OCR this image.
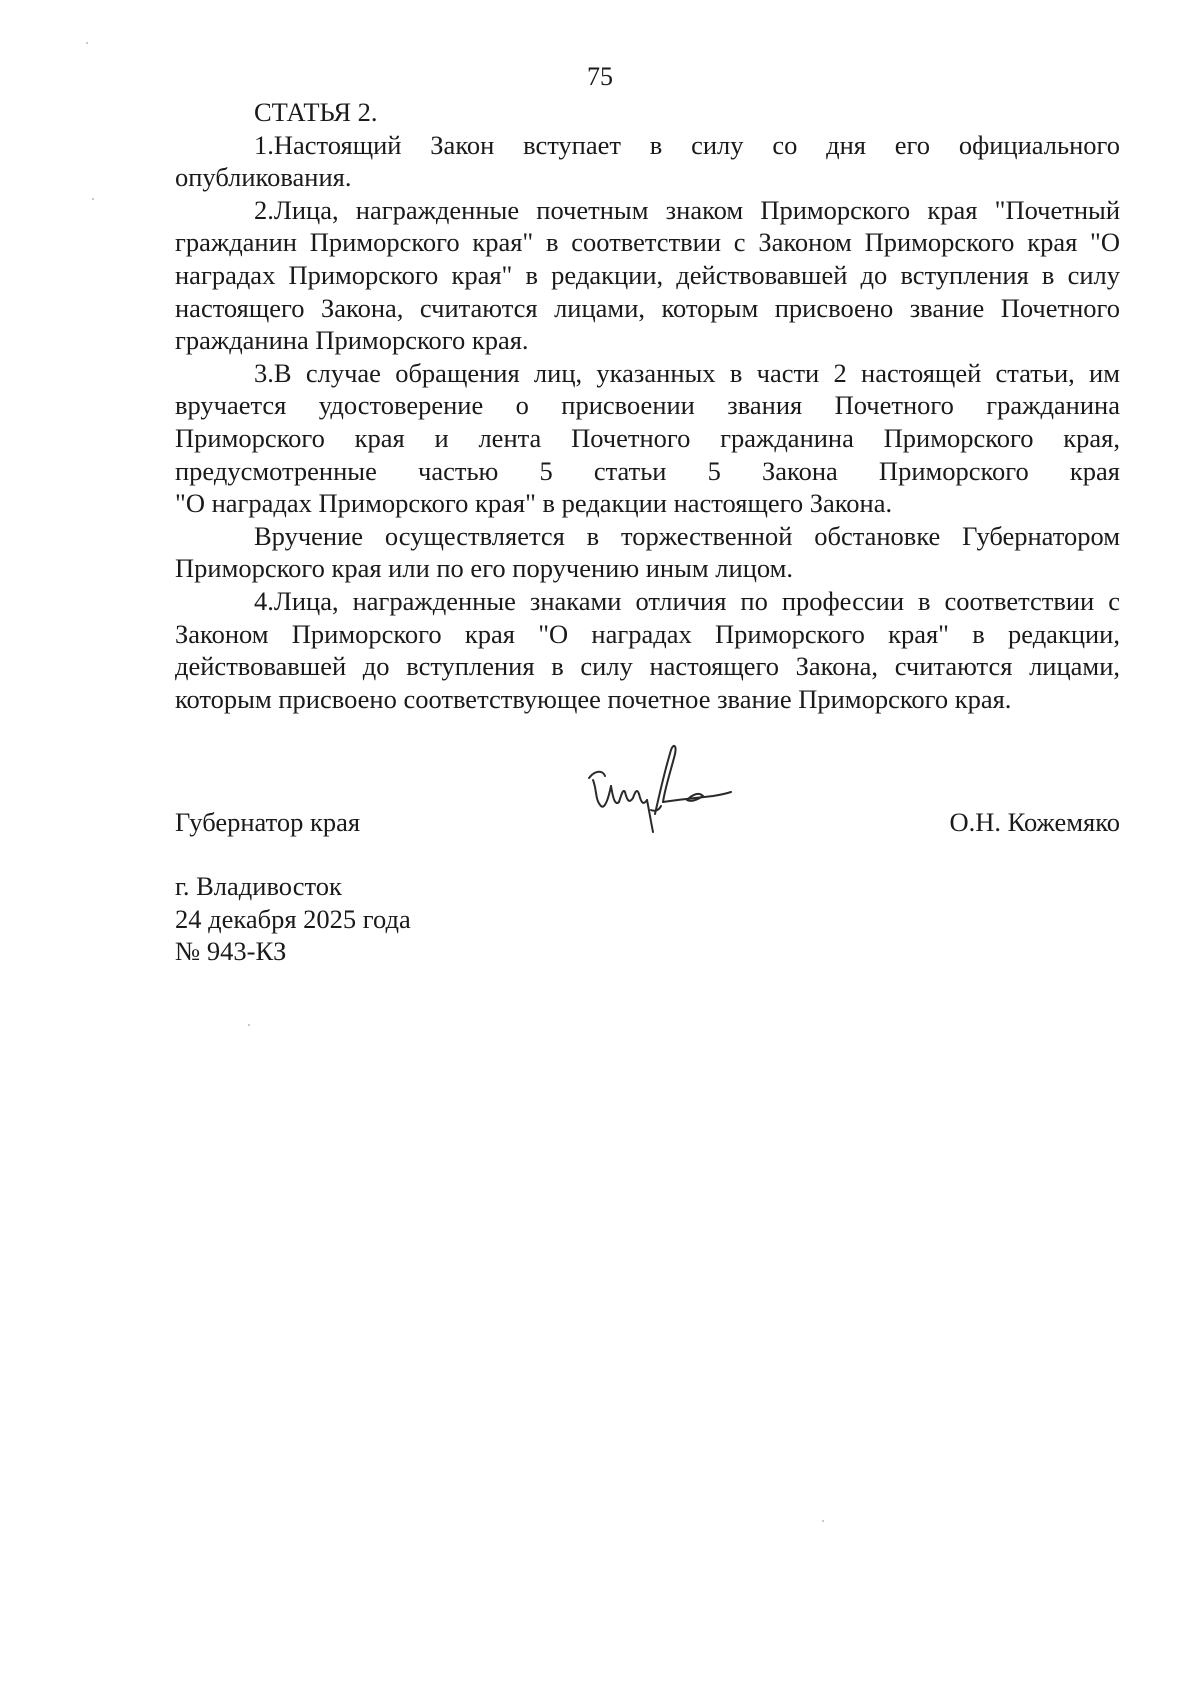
75

СТАТЬЯ 2.

1.Настоящий Закон вступает в силу со дня его официального опубликования.

2.Лица, награжденные почетным знаком Приморского края "Почетный гражданин Приморского края" в соответствии с Законом Приморского края "О наградах Приморского края" в редакции, действовавшей до вступления в силу настоящего Закона, считаются лицами, которым присвоено звание Почетного гражданина Приморского края.

3.В случае обращения лиц, указанных в части 2 настоящей статьи, им вручается удостоверение о присвоении звания Почетного гражданина Приморского края и лента Почетного гражданина Приморского края, предусмотренные частью 5 статьи 5 Закона Приморского края

"О наградах Приморского края" в редакции настоящего Закона.

Вручение осуществляется в торжественной обстановке Губернатором Приморского края или по его поручению иным лицом.

4.Лица, награжденные знаками отличия по профессии в соответствии с Законом Приморского края "О наградах Приморского края" в редакции, действовавшей до вступления в силу настоящего Закона, считаются лицами, которым присвоено соответствующее почетное звание Приморского края.

Губернатор края	О.Н. Кожемяко
г. Владивосток
24 декабря 2025 года
№ 943-КЗ
